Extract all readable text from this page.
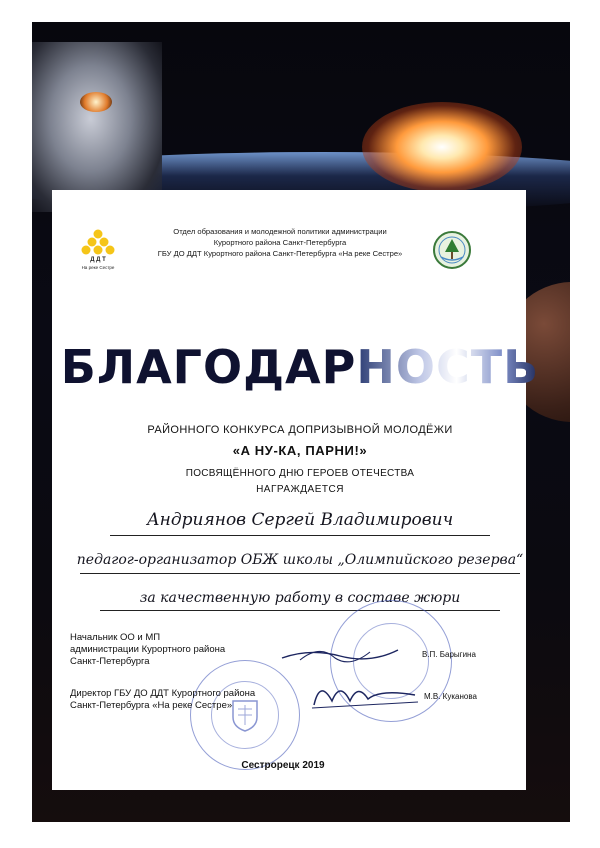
Д Д Т
На реке Сестре
Отдел образования и молодежной политики администрации
Курортного района Санкт-Петербурга
ГБУ ДО ДДТ Курортного района Санкт-Петербурга «На реке Сестре»
БЛАГОДАРНОСТЬ
РАЙОННОГО КОНКУРСА ДОПРИЗЫВНОЙ МОЛОДЁЖИ
«А НУ-КА, ПАРНИ!»
ПОСВЯЩЁННОГО ДНЮ ГЕРОЕВ ОТЕЧЕСТВА
НАГРАЖДАЕТСЯ
Андриянов Сергей Владимирович
педагог-организатор ОБЖ школы „Олимпийского резерва“
за качественную работу в составе жюри
Начальник ОО и МП
администрации Курортного района
Санкт-Петербурга
В.П. Барыгина
Директор ГБУ ДО ДДТ Курортного района
Санкт-Петербурга «На реке Сестре»
М.В. Куканова
Сестрорецк 2019
